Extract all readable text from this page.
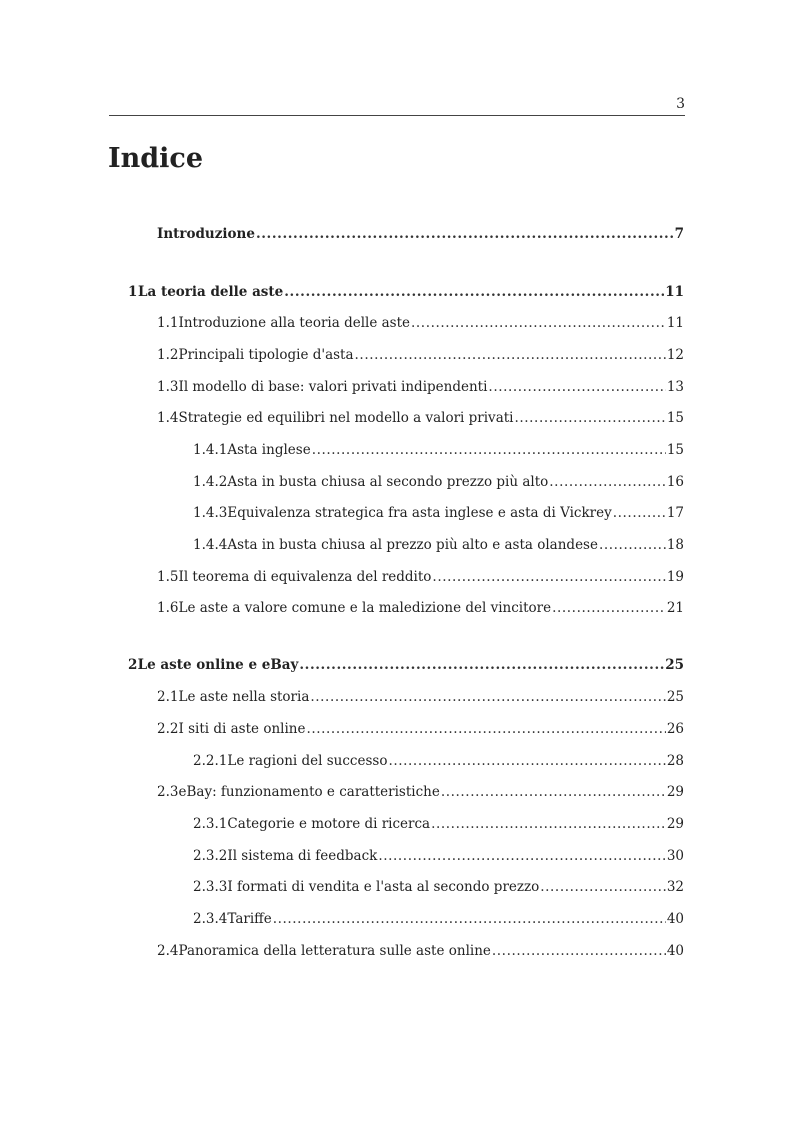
3
Indice
Introduzione .....	7
1 La teoria delle aste .....	11
1.1 Introduzione alla teoria delle aste .....	11
1.2 Principali tipologie d'asta .....	12
1.3 Il modello di base: valori privati indipendenti .....	13
1.4 Strategie ed equilibri nel modello a valori privati .....	15
1.4.1 Asta inglese .....	15
1.4.2 Asta in busta chiusa al secondo prezzo più alto .....	16
1.4.3 Equivalenza strategica fra asta inglese e asta di Vickrey .....	17
1.4.4 Asta in busta chiusa al prezzo più alto e asta olandese .....	18
1.5 Il teorema di equivalenza del reddito .....	19
1.6 Le aste a valore comune e la maledizione del vincitore .....	21
2 Le aste online e eBay .....	25
2.1 Le aste nella storia .....	25
2.2 I siti di aste online .....	26
2.2.1 Le ragioni del successo .....	28
2.3 eBay: funzionamento e caratteristiche .....	29
2.3.1 Categorie e motore di ricerca .....	29
2.3.2 Il sistema di feedback .....	30
2.3.3 I formati di vendita e l'asta al secondo prezzo .....	32
2.3.4 Tariffe .....	40
2.4 Panoramica della letteratura sulle aste online .....	40
